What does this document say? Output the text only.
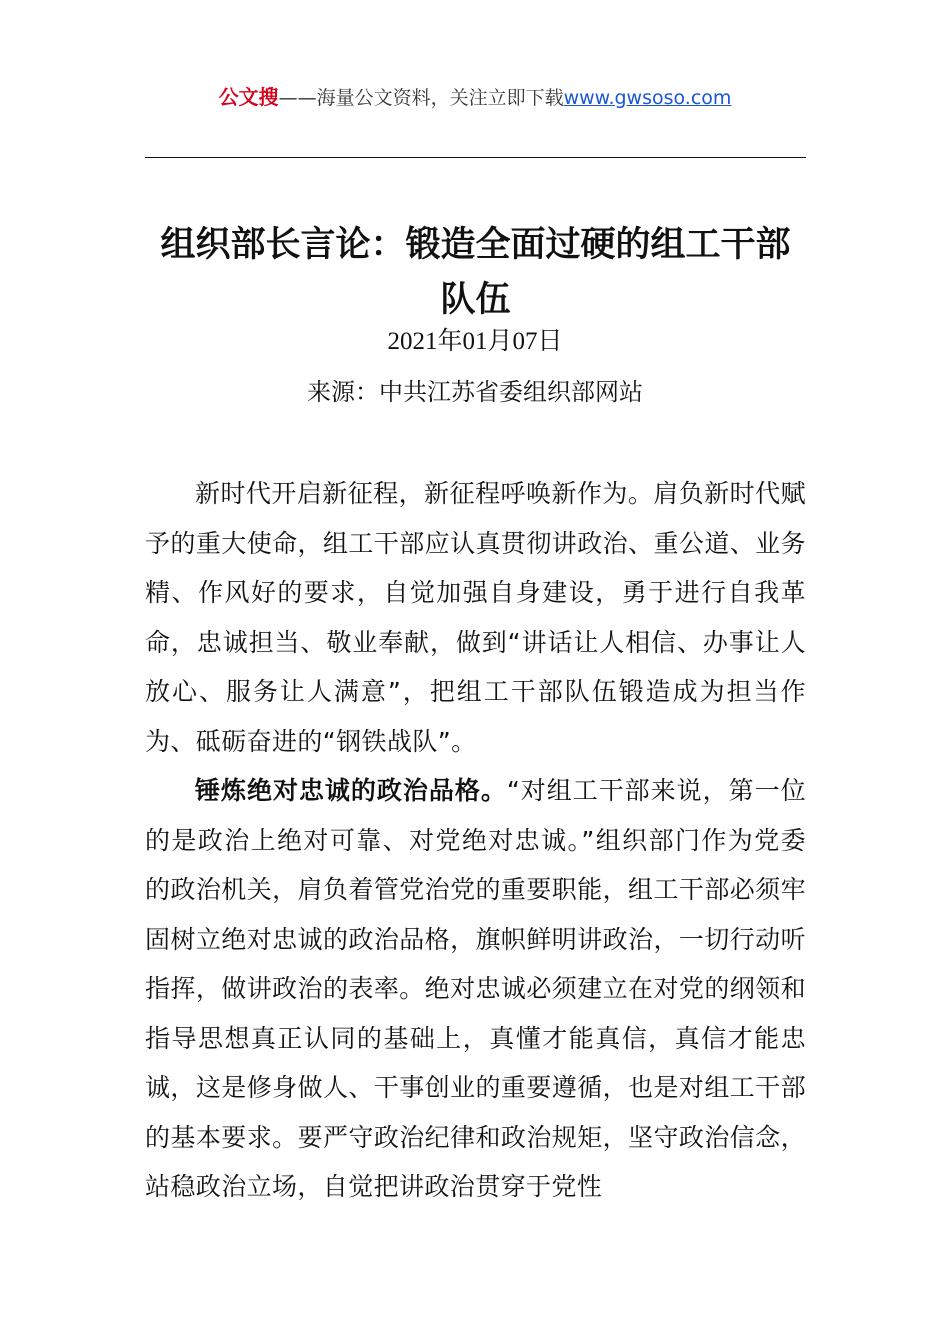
公文搜——海量公文资料，关注立即下载www.gwsoso.com
组织部长言论：锻造全面过硬的组工干部队伍
2021年01月07日
来源：中共江苏省委组织部网站

新时代开启新征程，新征程呼唤新作为。肩负新时代赋予的重大使命，组工干部应认真贯彻讲政治、重公道、业务精、作风好的要求，自觉加强自身建设，勇于进行自我革命，忠诚担当、敬业奉献，做到“讲话让人相信、办事让人放心、服务让人满意”，把组工干部队伍锻造成为担当作为、砥砺奋进的“钢铁战队”。

锤炼绝对忠诚的政治品格。“对组工干部来说，第一位的是政治上绝对可靠、对党绝对忠诚。”组织部门作为党委的政治机关，肩负着管党治党的重要职能，组工干部必须牢固树立绝对忠诚的政治品格，旗帜鲜明讲政治，一切行动听指挥，做讲政治的表率。绝对忠诚必须建立在对党的纲领和指导思想真正认同的基础上，真懂才能真信，真信才能忠诚，这是修身做人、干事创业的重要遵循，也是对组工干部的基本要求。要严守政治纪律和政治规矩，坚守政治信念，站稳政治立场，自觉把讲政治贯穿于党性
